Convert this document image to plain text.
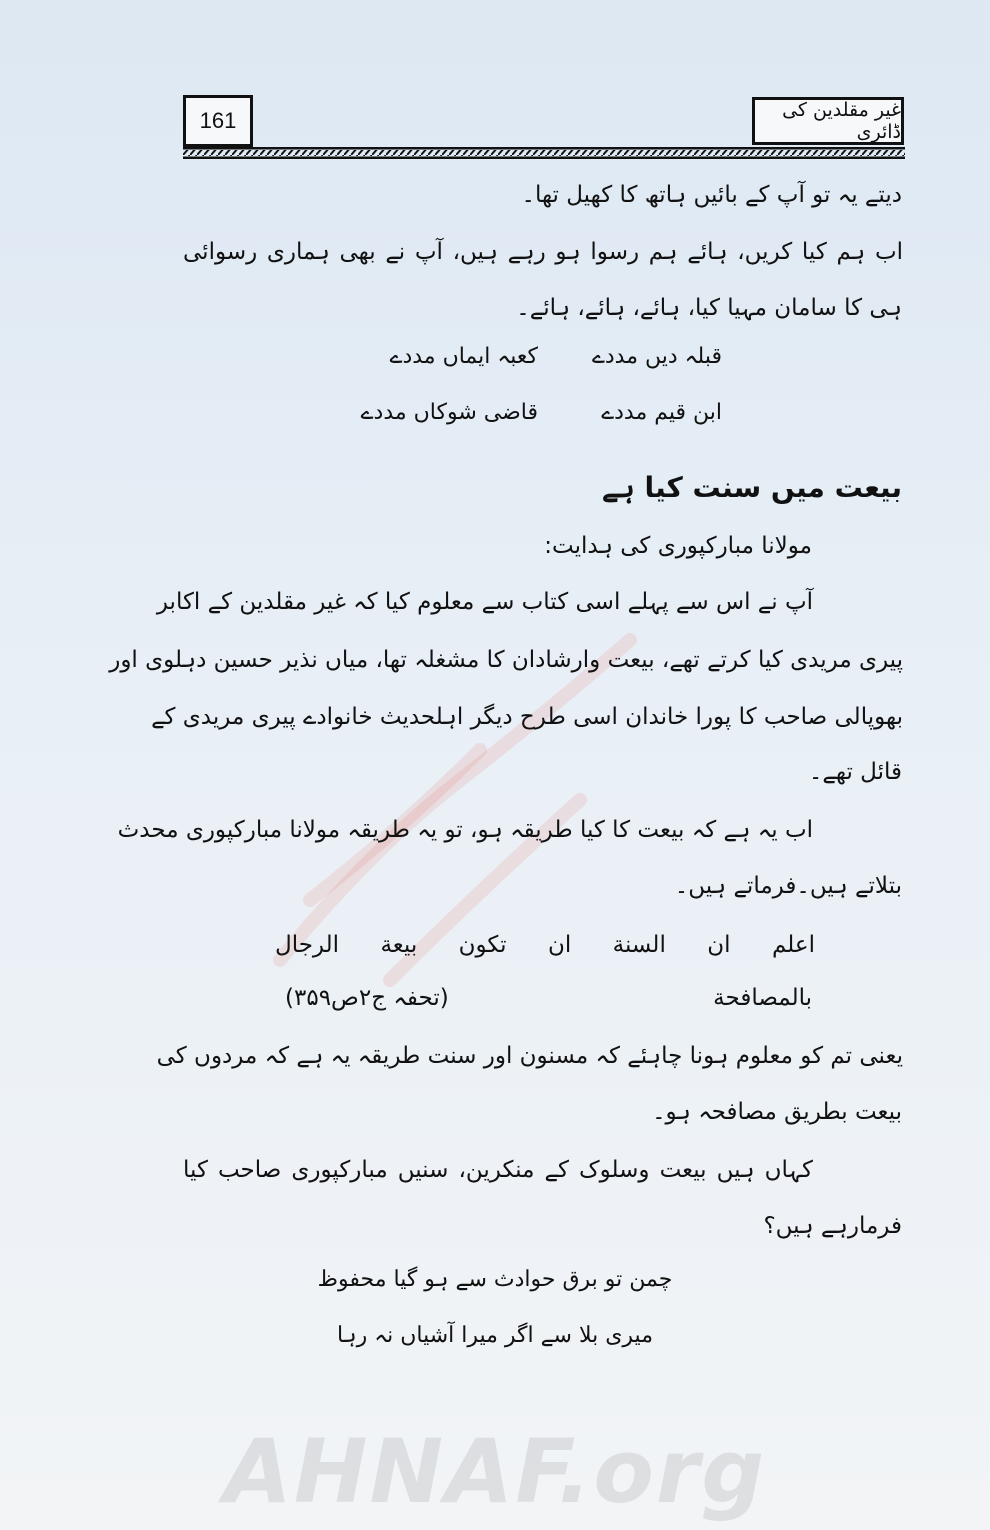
161	غیر مقلدین کی ڈائری
دیتے یہ تو آپ کے بائیں ہاتھ کا کھیل تھا۔
اب ہم کیا کریں، ہائے ہم رسوا ہو رہے ہیں، آپ نے بھی ہماری رسوائی
ہی کا سامان مہیا کیا، ہائے، ہائے، ہائے۔
قبلہ دیں مددے
کعبہ ایماں مددے
ابن قیم مددے
قاضی شوکاں مددے
بیعت میں سنت کیا ہے
مولانا مبارکپوری کی ہدایت:
آپ نے اس سے پہلے اسی کتاب سے معلوم کیا کہ غیر مقلدین کے اکابر
پیری مریدی کیا کرتے تھے، بیعت وارشادان کا مشغلہ تھا، میاں نذیر حسین دہلوی اور
بھوپالی صاحب کا پورا خاندان اسی طرح دیگر اہلحدیث خانوادے پیری مریدی کے
قائل تھے۔
اب یہ ہے کہ بیعت کا کیا طریقہ ہو، تو یہ طریقہ مولانا مبارکپوری محدث
بتلاتے ہیں۔فرماتے ہیں۔
اعلم ان السنة ان تكون بيعة الرجال
بالمصافحة
(تحفہ ج۲ص۳۵۹)
یعنی تم کو معلوم ہونا چاہئے کہ مسنون اور سنت طریقہ یہ ہے کہ مردوں کی
بیعت بطریق مصافحہ ہو۔
کہاں ہیں بیعت وسلوک کے منکرین، سنیں مبارکپوری صاحب کیا
فرمارہے ہیں؟
چمن تو برق حوادث سے ہو گیا محفوظ
میری بلا سے اگر میرا آشیاں نہ رہا
AHNAF.org
